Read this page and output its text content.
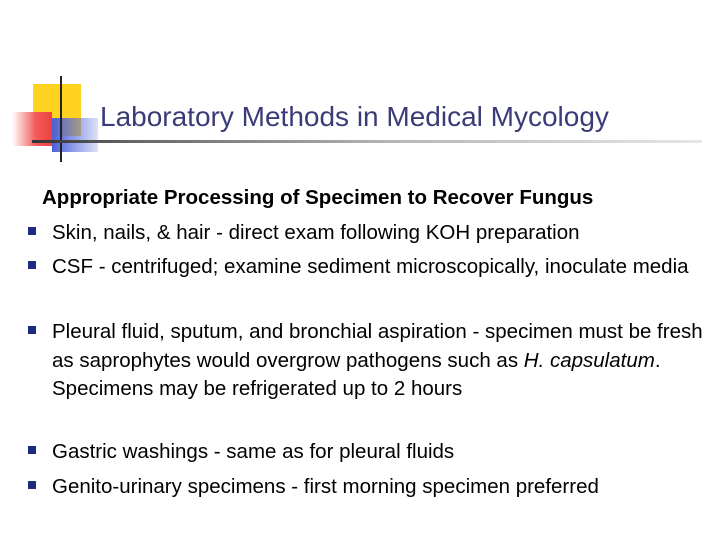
Laboratory Methods in Medical Mycology
Appropriate Processing of Specimen to Recover Fungus
Skin, nails, & hair - direct exam following KOH preparation
CSF - centrifuged; examine sediment microscopically, inoculate media
Pleural fluid, sputum, and bronchial aspiration - specimen must be fresh as saprophytes would overgrow pathogens such as H. capsulatum. Specimens may be refrigerated up to 2 hours
Gastric washings - same as for pleural fluids
Genito-urinary specimens - first morning specimen preferred
